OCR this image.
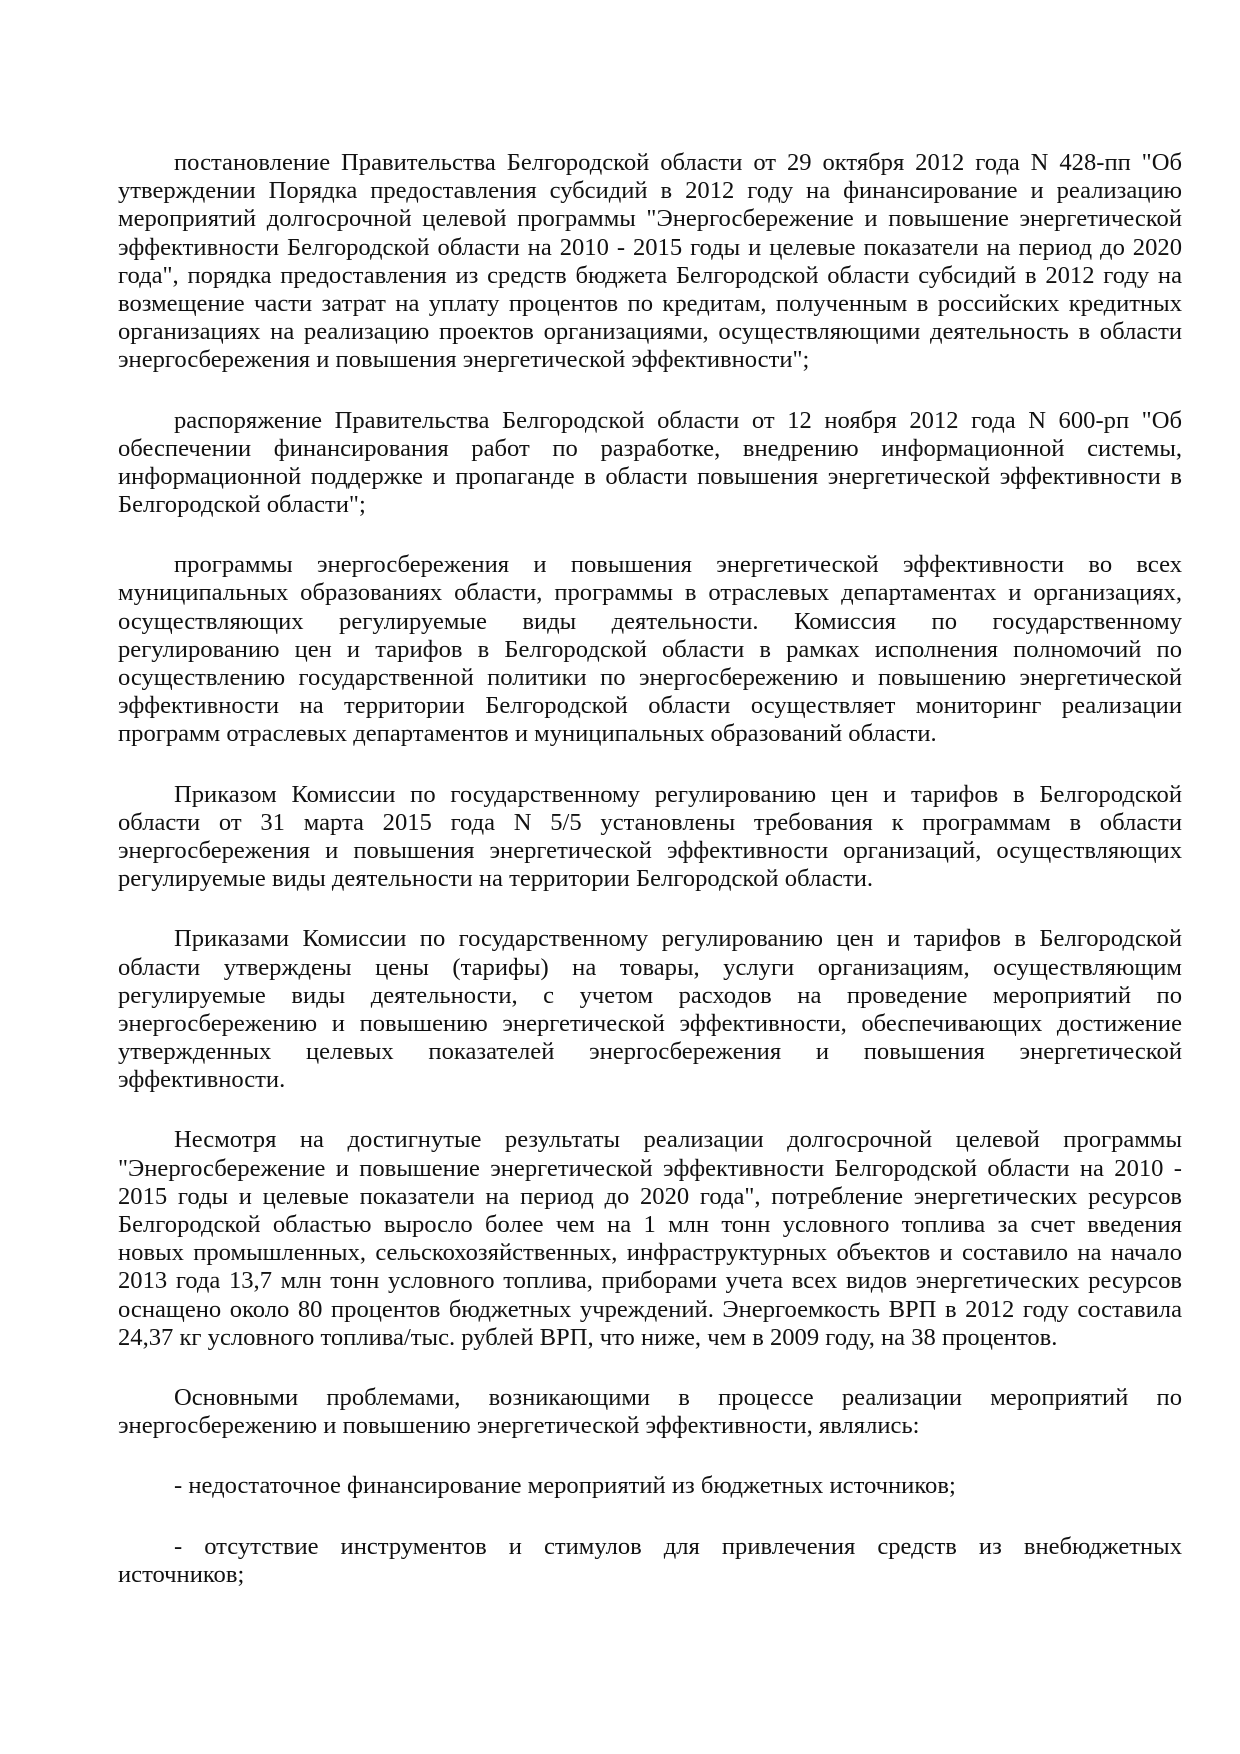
постановление Правительства Белгородской области от 29 октября 2012 года N 428-пп "Об
утверждении Порядка предоставления субсидий в 2012 году на финансирование и реализацию
мероприятий долгосрочной целевой программы "Энергосбережение и повышение энергетической
эффективности Белгородской области на 2010 - 2015 годы и целевые показатели на период до 2020
года", порядка предоставления из средств бюджета Белгородской области субсидий в 2012 году на
возмещение части затрат на уплату процентов по кредитам, полученным в российских кредитных
организациях на реализацию проектов организациями, осуществляющими деятельность в области
энергосбережения и повышения энергетической эффективности";

распоряжение Правительства Белгородской области от 12 ноября 2012 года N 600-рп "Об
обеспечении финансирования работ по разработке, внедрению информационной системы,
информационной поддержке и пропаганде в области повышения энергетической эффективности в
Белгородской области";

программы энергосбережения и повышения энергетической эффективности во всех
муниципальных образованиях области, программы в отраслевых департаментах и организациях,
осуществляющих регулируемые виды деятельности. Комиссия по государственному
регулированию цен и тарифов в Белгородской области в рамках исполнения полномочий по
осуществлению государственной политики по энергосбережению и повышению энергетической
эффективности на территории Белгородской области осуществляет мониторинг реализации
программ отраслевых департаментов и муниципальных образований области.

Приказом Комиссии по государственному регулированию цен и тарифов в Белгородской
области от 31 марта 2015 года N 5/5 установлены требования к программам в области
энергосбережения и повышения энергетической эффективности организаций, осуществляющих
регулируемые виды деятельности на территории Белгородской области.

Приказами Комиссии по государственному регулированию цен и тарифов в Белгородской
области утверждены цены (тарифы) на товары, услуги организациям, осуществляющим
регулируемые виды деятельности, с учетом расходов на проведение мероприятий по
энергосбережению и повышению энергетической эффективности, обеспечивающих достижение
утвержденных целевых показателей энергосбережения и повышения энергетической
эффективности.

Несмотря на достигнутые результаты реализации долгосрочной целевой программы
"Энергосбережение и повышение энергетической эффективности Белгородской области на 2010 -
2015 годы и целевые показатели на период до 2020 года", потребление энергетических ресурсов
Белгородской областью выросло более чем на 1 млн тонн условного топлива за счет введения
новых промышленных, сельскохозяйственных, инфраструктурных объектов и составило на начало
2013 года 13,7 млн тонн условного топлива, приборами учета всех видов энергетических ресурсов
оснащено около 80 процентов бюджетных учреждений. Энергоемкость ВРП в 2012 году составила
24,37 кг условного топлива/тыс. рублей ВРП, что ниже, чем в 2009 году, на 38 процентов.

Основными проблемами, возникающими в процессе реализации мероприятий по
энергосбережению и повышению энергетической эффективности, являлись:

- недостаточное финансирование мероприятий из бюджетных источников;

- отсутствие инструментов и стимулов для привлечения средств из внебюджетных
источников;
